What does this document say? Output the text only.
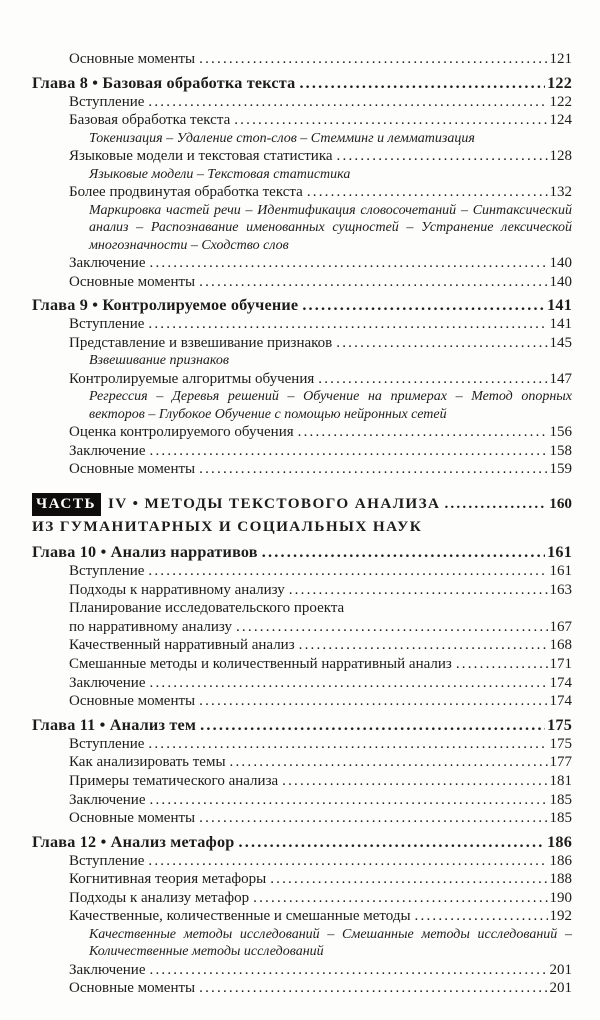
Основные моменты .....	121
Глава 8 • Базовая обработка текста .....	122
Вступление .....	122
Базовая обработка текста .....	124
Токенизация – Удаление стоп-слов – Стемминг и лемматизация
Языковые модели и текстовая статистика .....	128
Языковые модели – Текстовая статистика
Более продвинутая обработка текста .....	132
Маркировка частей речи – Идентификация словосочетаний – Синтаксический анализ – Распознавание именованных сущностей – Устранение лексической многозначности – Сходство слов
Заключение .....	140
Основные моменты .....	140
Глава 9 • Контролируемое обучение .....	141
Вступление .....	141
Представление и взвешивание признаков .....	145
Взвешивание признаков
Контролируемые алгоритмы обучения .....	147
Регрессия – Деревья решений – Обучение на примерах – Метод опорных векторов – Глубокое Обучение с помощью нейронных сетей
Оценка контролируемого обучения .....	156
Заключение .....	158
Основные моменты .....	159
ЧАСТЬ IV • МЕТОДЫ ТЕКСТОВОГО АНАЛИЗА .....	160
ИЗ ГУМАНИТАРНЫХ И СОЦИАЛЬНЫХ НАУК
Глава 10 • Анализ нарративов .....	161
Вступление .....	161
Подходы к нарративному анализу .....	163
Планирование исследовательского проекта
по нарративному анализу .....	167
Качественный нарративный анализ .....	168
Смешанные методы и количественный нарративный анализ .....	171
Заключение .....	174
Основные моменты .....	174
Глава 11 • Анализ тем .....	175
Вступление .....	175
Как анализировать темы .....	177
Примеры тематического анализа .....	181
Заключение .....	185
Основные моменты .....	185
Глава 12 • Анализ метафор .....	186
Вступление .....	186
Когнитивная теория метафоры .....	188
Подходы к анализу метафор .....	190
Качественные, количественные и смешанные методы .....	192
Качественные методы исследований – Смешанные методы исследований – Количественные методы исследований
Заключение .....	201
Основные моменты .....	201
